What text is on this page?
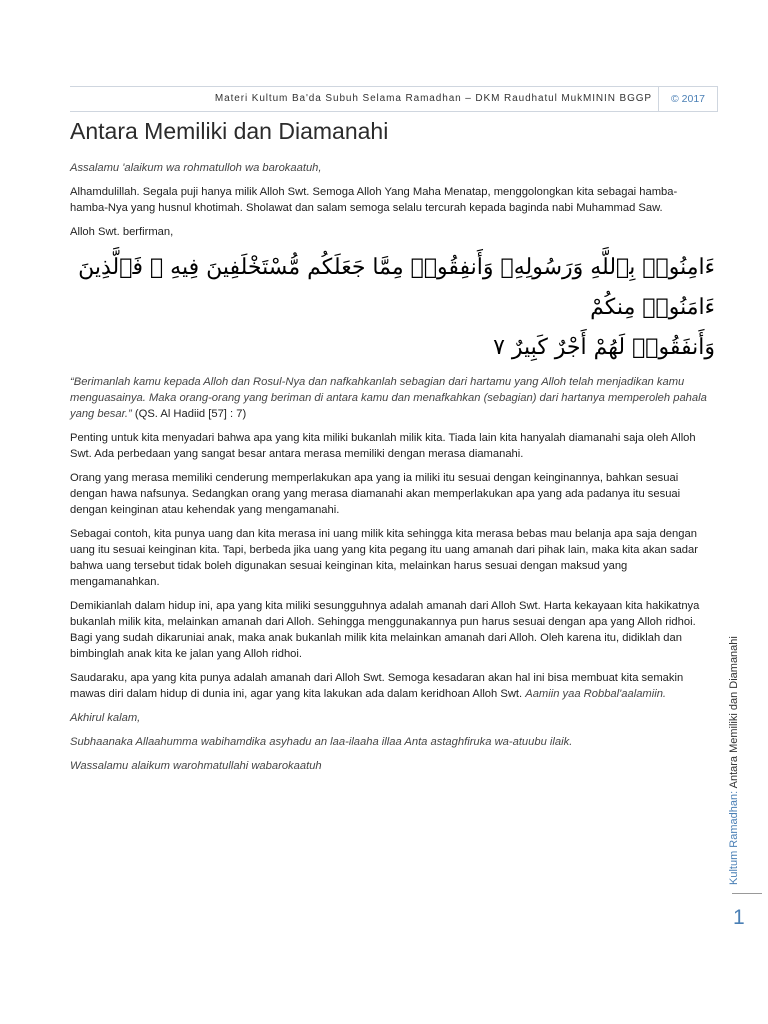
Materi Kultum Ba'da Subuh Selama Ramadhan – DKM Raudhatul MukMININ BGGP	© 2017
Antara Memiliki dan Diamanahi

Assalamu 'alaikum wa rohmatulloh wa barokaatuh,

Alhamdulillah. Segala puji hanya milik Alloh Swt. Semoga Alloh Yang Maha Menatap, menggolongkan kita sebagai hamba-hamba-Nya yang husnul khotimah. Sholawat dan salam semoga selalu tercurah kepada baginda nabi Muhammad Saw.

Alloh Swt. berfirman,

ءَامِنُوا۟ بِٱللَّهِ وَرَسُولِهِۦ وَأَنفِقُوا۟ مِمَّا جَعَلَكُم مُّسْتَخْلَفِينَ فِيهِ ۖ فَٱلَّذِينَ ءَامَنُوا۟ مِنكُمْ
وَأَنفَقُوا۟ لَهُمْ أَجْرٌ كَبِيرٌ ٧

“Berimanlah kamu kepada Alloh dan Rosul-Nya dan nafkahkanlah sebagian dari hartamu yang Alloh telah menjadikan kamu menguasainya. Maka orang-orang yang beriman di antara kamu dan menafkahkan (sebagian) dari hartanya memperoleh pahala yang besar.” (QS. Al Hadiid [57] : 7)

Penting untuk kita menyadari bahwa apa yang kita miliki bukanlah milik kita. Tiada lain kita hanyalah diamanahi saja oleh Alloh Swt. Ada perbedaan yang sangat besar antara merasa memiliki dengan merasa diamanahi.

Orang yang merasa memiliki cenderung memperlakukan apa yang ia miliki itu sesuai dengan keinginannya, bahkan sesuai dengan hawa nafsunya. Sedangkan orang yang merasa diamanahi akan memperlakukan apa yang ada padanya itu sesuai dengan keinginan atau kehendak yang mengamanahi.

Sebagai contoh, kita punya uang dan kita merasa ini uang milik kita sehingga kita merasa bebas mau belanja apa saja dengan uang itu sesuai keinginan kita. Tapi, berbeda jika uang yang kita pegang itu uang amanah dari pihak lain, maka kita akan sadar bahwa uang tersebut tidak boleh digunakan sesuai keinginan kita, melainkan harus sesuai dengan maksud yang mengamanahkan.

Demikianlah dalam hidup ini, apa yang kita miliki sesungguhnya adalah amanah dari Alloh Swt. Harta kekayaan kita hakikatnya bukanlah milik kita, melainkan amanah dari Alloh. Sehingga menggunakannya pun harus sesuai dengan apa yang Alloh ridhoi. Bagi yang sudah dikaruniai anak, maka anak bukanlah milik kita melainkan amanah dari Alloh. Oleh karena itu, didiklah dan bimbinglah anak kita ke jalan yang Alloh ridhoi.

Saudaraku, apa yang kita punya adalah amanah dari Alloh Swt. Semoga kesadaran akan hal ini bisa membuat kita semakin mawas diri dalam hidup di dunia ini, agar yang kita lakukan ada dalam keridhoan Alloh Swt. Aamiin yaa Robbal'aalamiin.

Akhirul kalam,

Subhaanaka Allaahumma wabihamdika asyhadu an laa-ilaaha illaa Anta astaghfiruka wa-atuubu ilaik.

Wassalamu alaikum warohmatullahi wabarokaatuh

Kultum Ramadhan: Antara Memiliki dan Diamanahi
1
